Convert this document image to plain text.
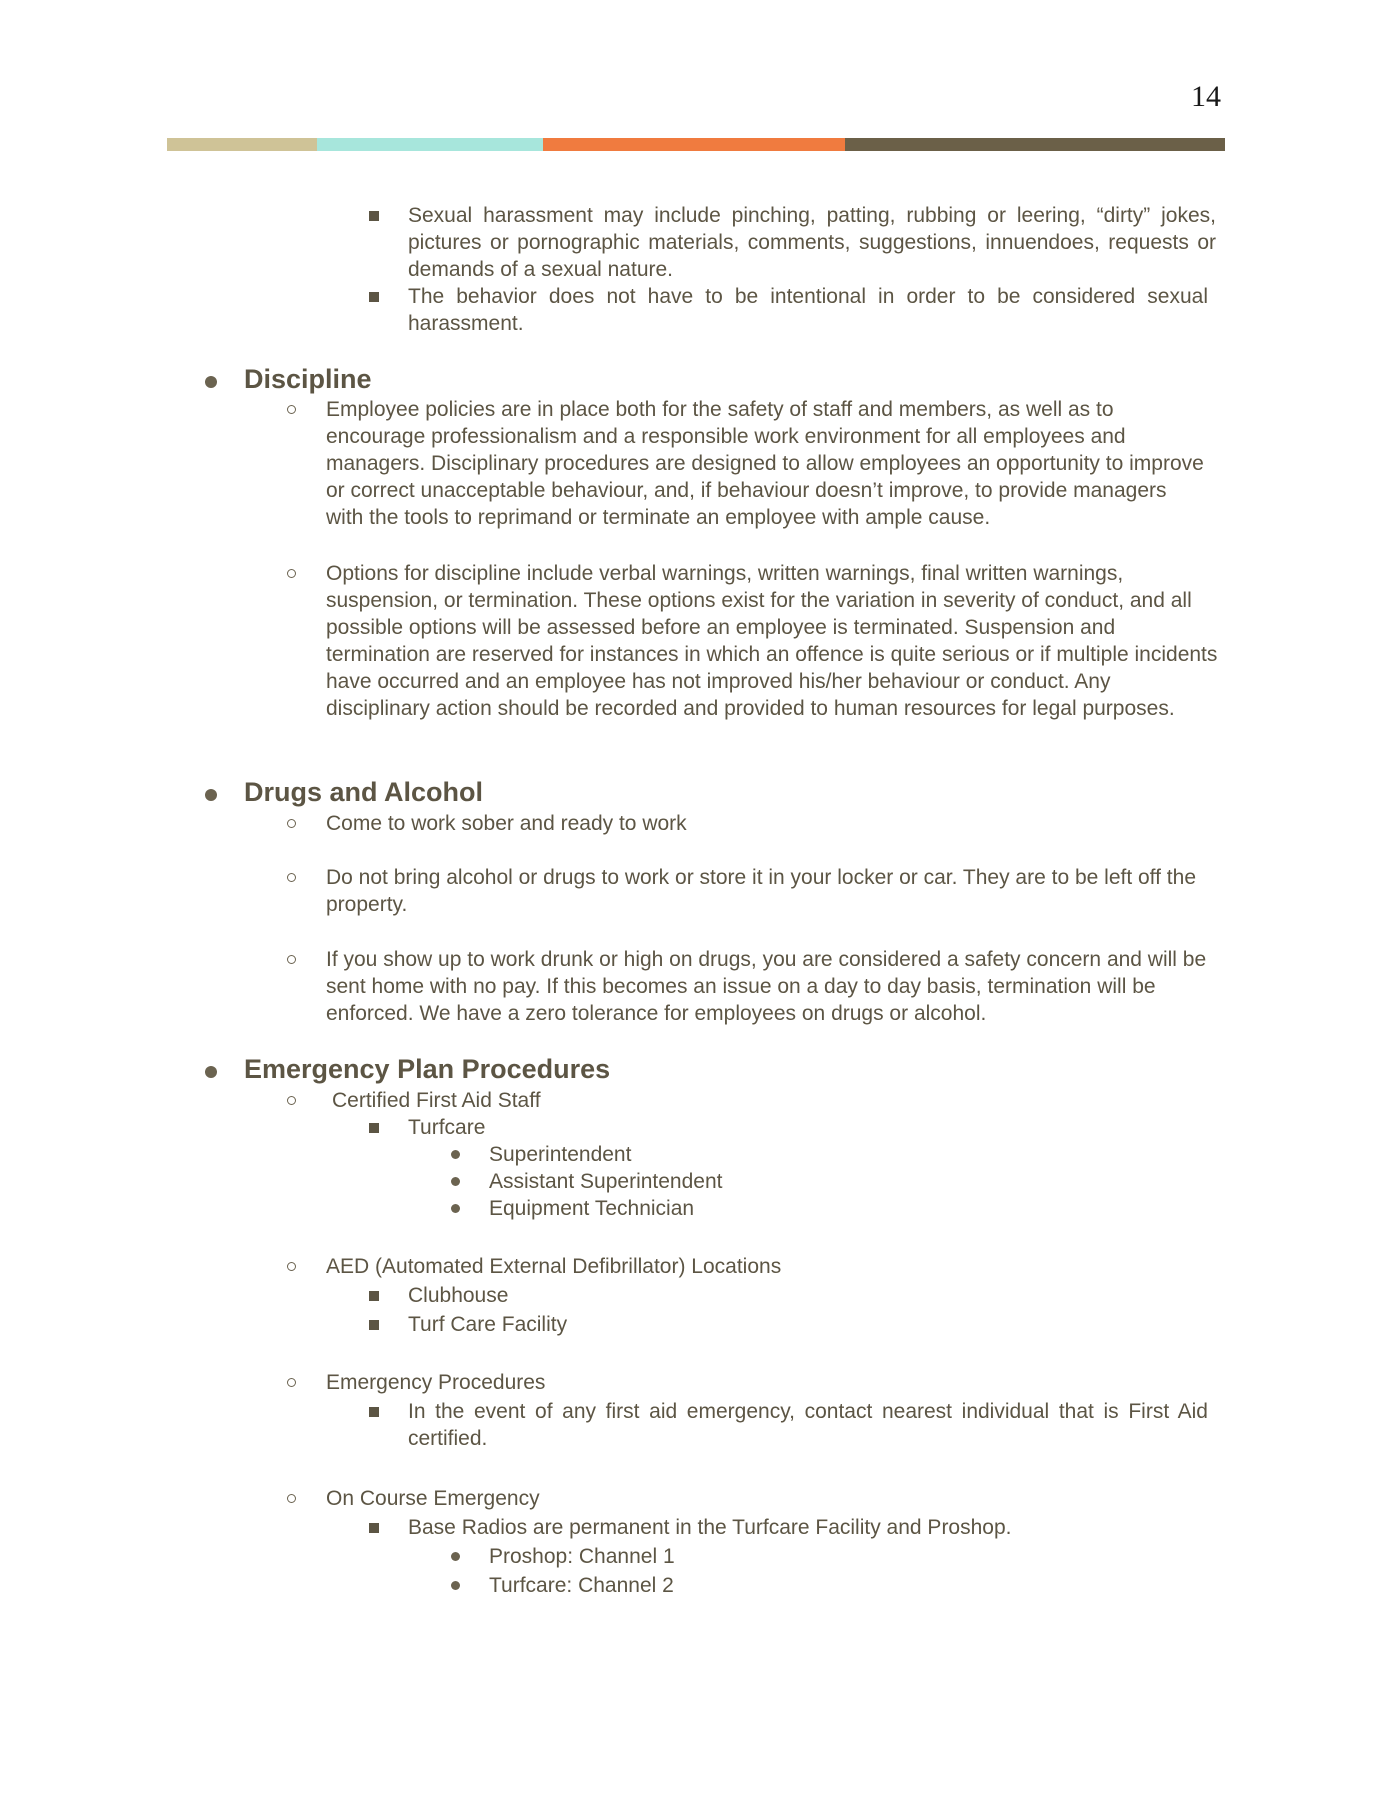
14
Sexual harassment may include pinching, patting, rubbing or leering, “dirty” jokes, pictures or pornographic materials, comments, suggestions, innuendoes, requests or demands of a sexual nature.
The behavior does not have to be intentional in order to be considered sexual harassment.
Discipline
Employee policies are in place both for the safety of staff and members, as well as to encourage professionalism and a responsible work environment for all employees and managers. Disciplinary procedures are designed to allow employees an opportunity to improve or correct unacceptable behaviour, and, if behaviour doesn’t improve, to provide managers with the tools to reprimand or terminate an employee with ample cause.
Options for discipline include verbal warnings, written warnings, final written warnings, suspension, or termination. These options exist for the variation in severity of conduct, and all possible options will be assessed before an employee is terminated. Suspension and termination are reserved for instances in which an offence is quite serious or if multiple incidents have occurred and an employee has not improved his/her behaviour or conduct. Any disciplinary action should be recorded and provided to human resources for legal purposes.
Drugs and Alcohol
Come to work sober and ready to work
Do not bring alcohol or drugs to work or store it in your locker or car. They are to be left off the property.
If you show up to work drunk or high on drugs, you are considered a safety concern and will be sent home with no pay. If this becomes an issue on a day to day basis, termination will be enforced. We have a zero tolerance for employees on drugs or alcohol.
Emergency Plan Procedures
Certified First Aid Staff
Turfcare
Superintendent
Assistant Superintendent
Equipment Technician
AED (Automated External Defibrillator) Locations
Clubhouse
Turf Care Facility
Emergency Procedures
In the event of any first aid emergency, contact nearest individual that is First Aid certified.
On Course Emergency
Base Radios are permanent in the Turfcare Facility and Proshop.
Proshop: Channel 1
Turfcare: Channel 2
